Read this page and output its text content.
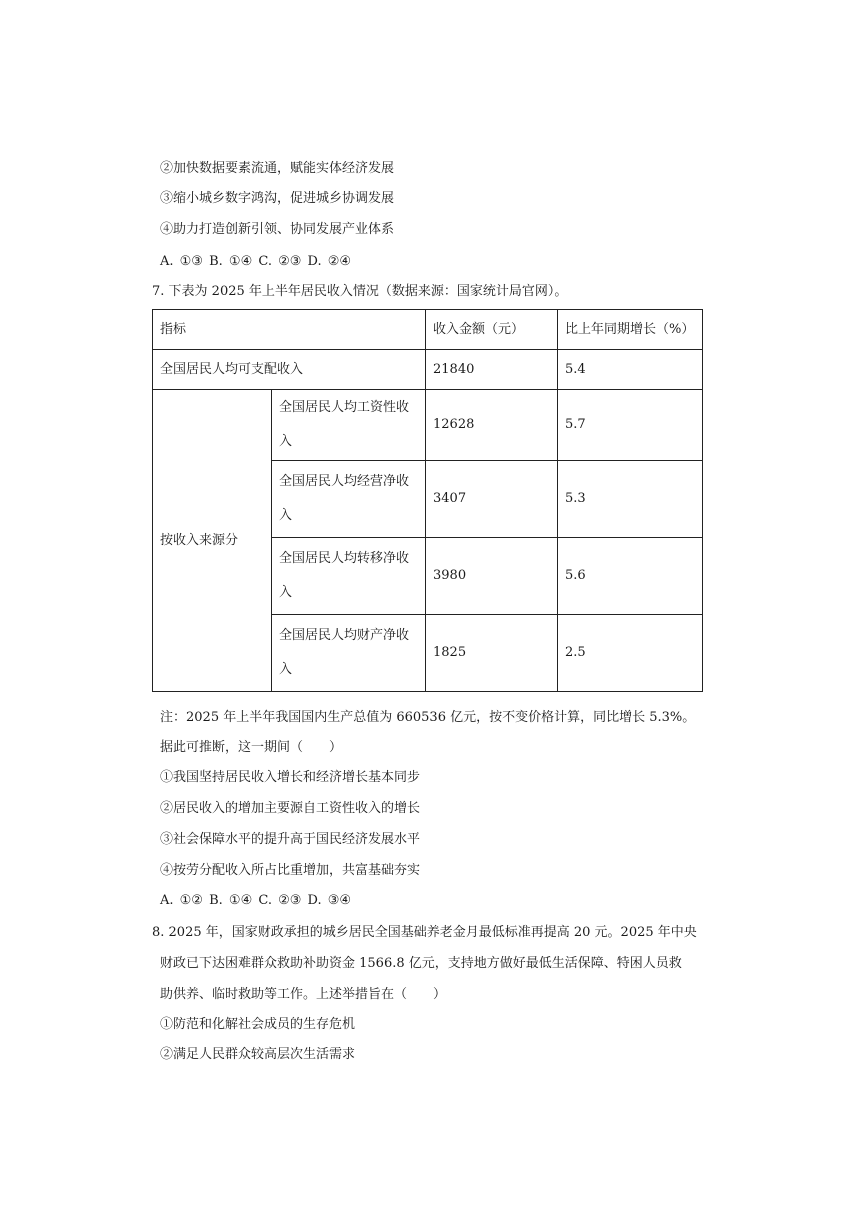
②加快数据要素流通，赋能实体经济发展
③缩小城乡数字鸿沟，促进城乡协调发展
④助力打造创新引领、协同发展产业体系
A. ①③ B. ①④ C. ②③ D. ②④
7. 下表为 2025 年上半年居民收入情况（数据来源：国家统计局官网）。
指标		收入金额（元）	比上年同期增长（%）
全国居民人均可支配收入		21840	5.4
按收入来源分	全国居民人均工资性收入	12628	5.7
	全国居民人均经营净收入	3407	5.3
	全国居民人均转移净收入	3980	5.6
	全国居民人均财产净收入	1825	2.5
注：2025 年上半年我国国内生产总值为 660536 亿元，按不变价格计算，同比增长 5.3%。
据此可推断，这一期间（　　）
①我国坚持居民收入增长和经济增长基本同步
②居民收入的增加主要源自工资性收入的增长
③社会保障水平的提升高于国民经济发展水平
④按劳分配收入所占比重增加，共富基础夯实
A. ①② B. ①④ C. ②③ D. ③④
8. 2025 年，国家财政承担的城乡居民全国基础养老金月最低标准再提高 20 元。2025 年中央
财政已下达困难群众救助补助资金 1566.8 亿元，支持地方做好最低生活保障、特困人员救
助供养、临时救助等工作。上述举措旨在（　　）
①防范和化解社会成员的生存危机
②满足人民群众较高层次生活需求
